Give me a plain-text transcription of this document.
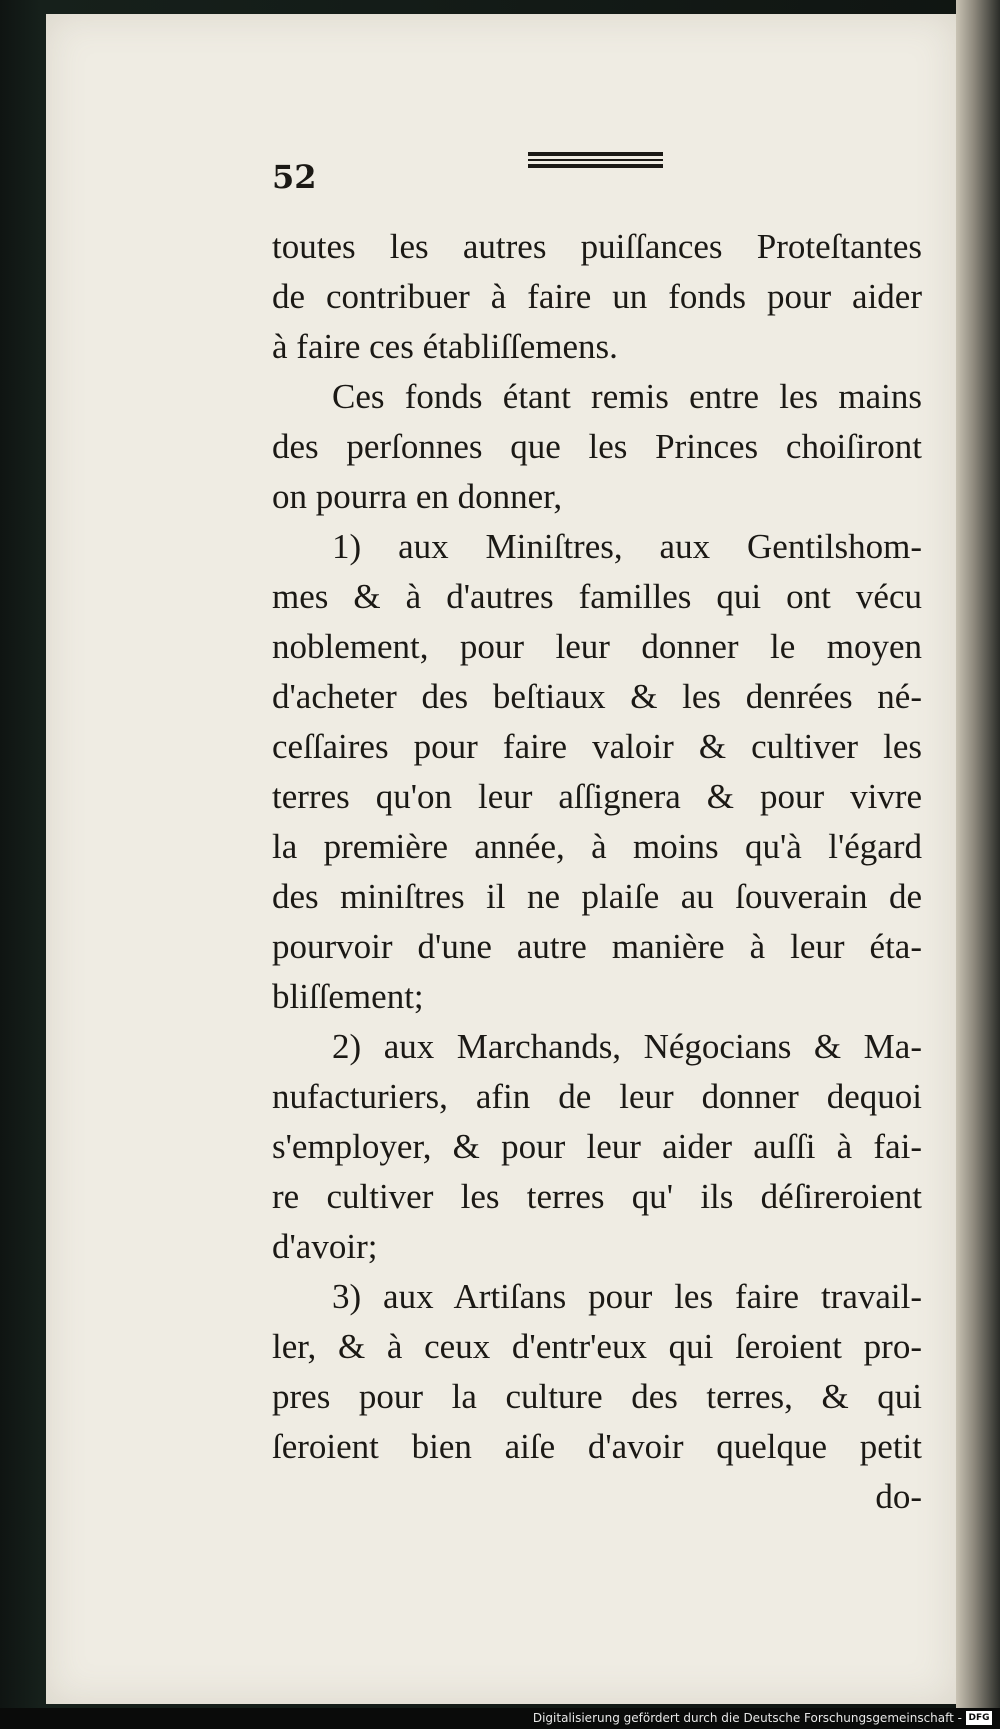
52
toutes les autres puiſſances Proteſtantes
de contribuer à faire un fonds pour aider
à faire ces établiſſemens.
Ces fonds étant remis entre les mains
des perſonnes que les Princes choiſiront
on pourra en donner,
1) aux Miniſtres, aux Gentilshom-
mes & à d'autres familles qui ont vécu
noblement, pour leur donner le moyen
d'acheter des beſtiaux & les denrées né-
ceſſaires pour faire valoir & cultiver les
terres qu'on leur aſſignera & pour vivre
la première année, à moins qu'à l'égard
des miniſtres il ne plaiſe au ſouverain de
pourvoir d'une autre manière à leur éta-
bliſſement;
2) aux Marchands, Négocians & Ma-
nufacturiers, afin de leur donner dequoi
s'employer, & pour leur aider auſſi à fai-
re cultiver les terres qu' ils déſireroient
d'avoir;
3) aux Artiſans pour les faire travail-
ler, & à ceux d'entr'eux qui ſeroient pro-
pres pour la culture des terres, & qui
ſeroient bien aiſe d'avoir quelque petit
do-
Digitalisierung gefördert durch die Deutsche Forschungsgemeinschaft - DFG
